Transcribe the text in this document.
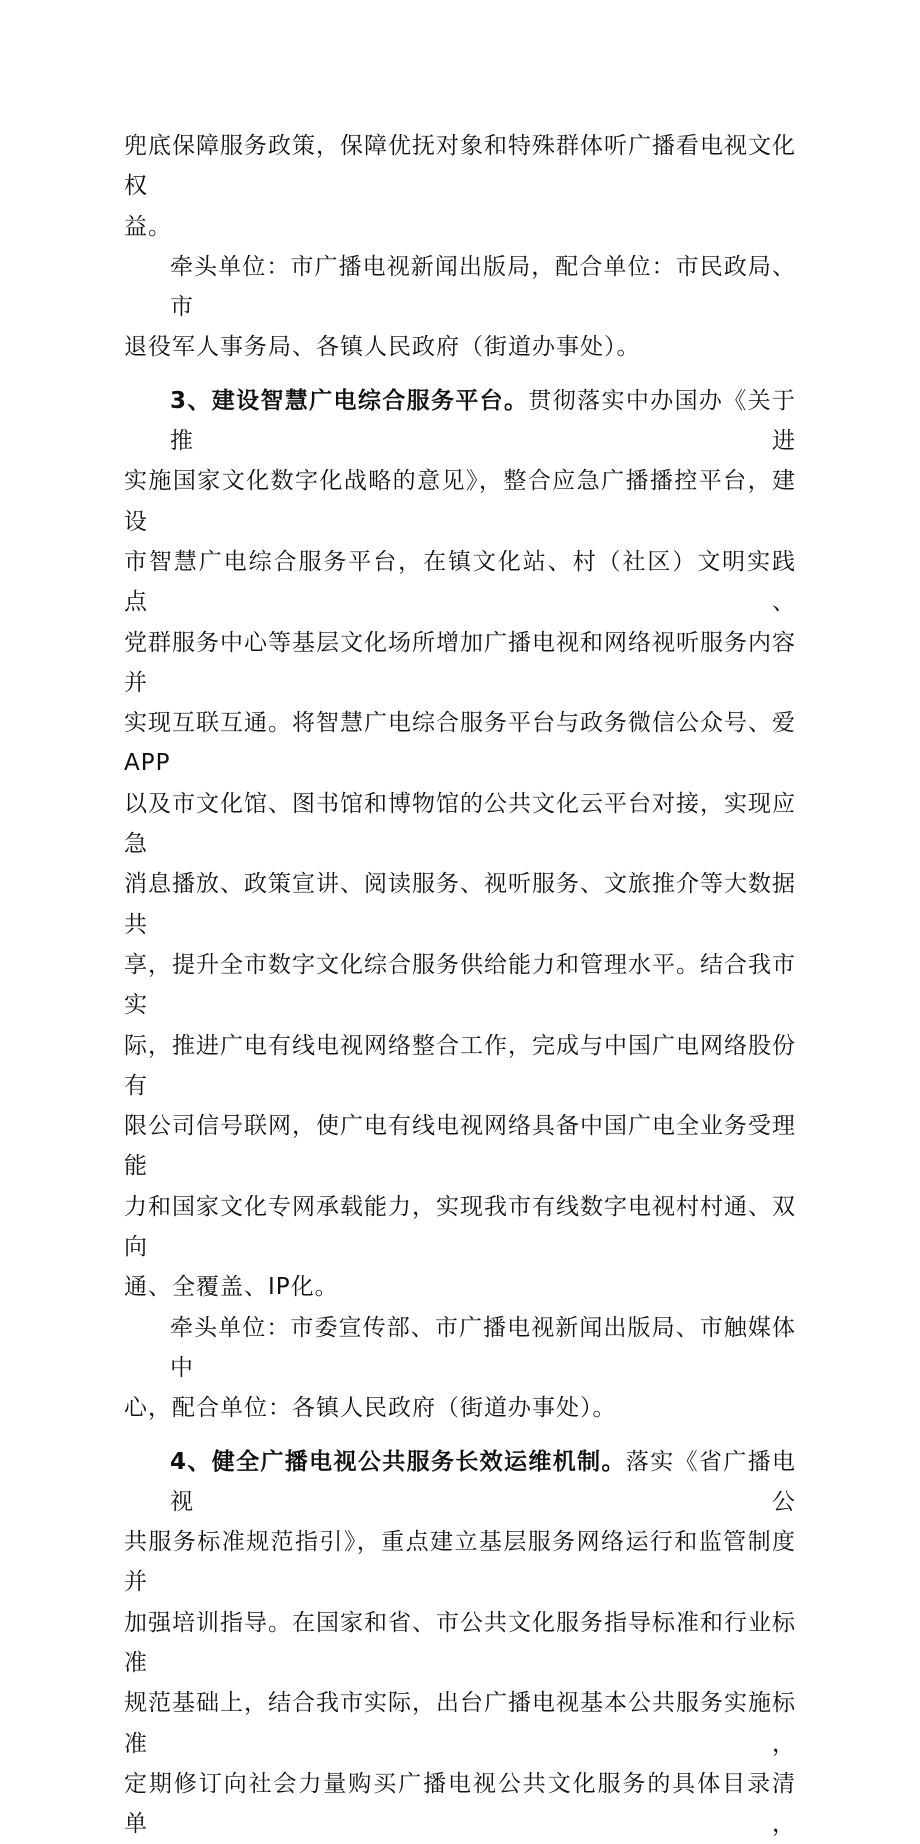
兜底保障服务政策，保障优抚对象和特殊群体听广播看电视文化权
益。
牵头单位：市广播电视新闻出版局，配合单位：市民政局、市
退役军人事务局、各镇人民政府（街道办事处）。
3、建设智慧广电综合服务平台。贯彻落实中办国办《关于推进
实施国家文化数字化战略的意见》，整合应急广播播控平台，建设
市智慧广电综合服务平台，在镇文化站、村（社区）文明实践点、
党群服务中心等基层文化场所增加广播电视和网络视听服务内容并
实现互联互通。将智慧广电综合服务平台与政务微信公众号、爱APP
以及市文化馆、图书馆和博物馆的公共文化云平台对接，实现应急
消息播放、政策宣讲、阅读服务、视听服务、文旅推介等大数据共
享，提升全市数字文化综合服务供给能力和管理水平。结合我市实
际，推进广电有线电视网络整合工作，完成与中国广电网络股份有
限公司信号联网，使广电有线电视网络具备中国广电全业务受理能
力和国家文化专网承载能力，实现我市有线数字电视村村通、双向
通、全覆盖、IP化。
牵头单位：市委宣传部、市广播电视新闻出版局、市触媒体中
心，配合单位：各镇人民政府（街道办事处）。
4、健全广播电视公共服务长效运维机制。落实《省广播电视公
共服务标准规范指引》，重点建立基层服务网络运行和监管制度并
加强培训指导。在国家和省、市公共文化服务指导标准和行业标准
规范基础上，结合我市实际，出台广播电视基本公共服务实施标准，
定期修订向社会力量购买广播电视公共文化服务的具体目录清单，
